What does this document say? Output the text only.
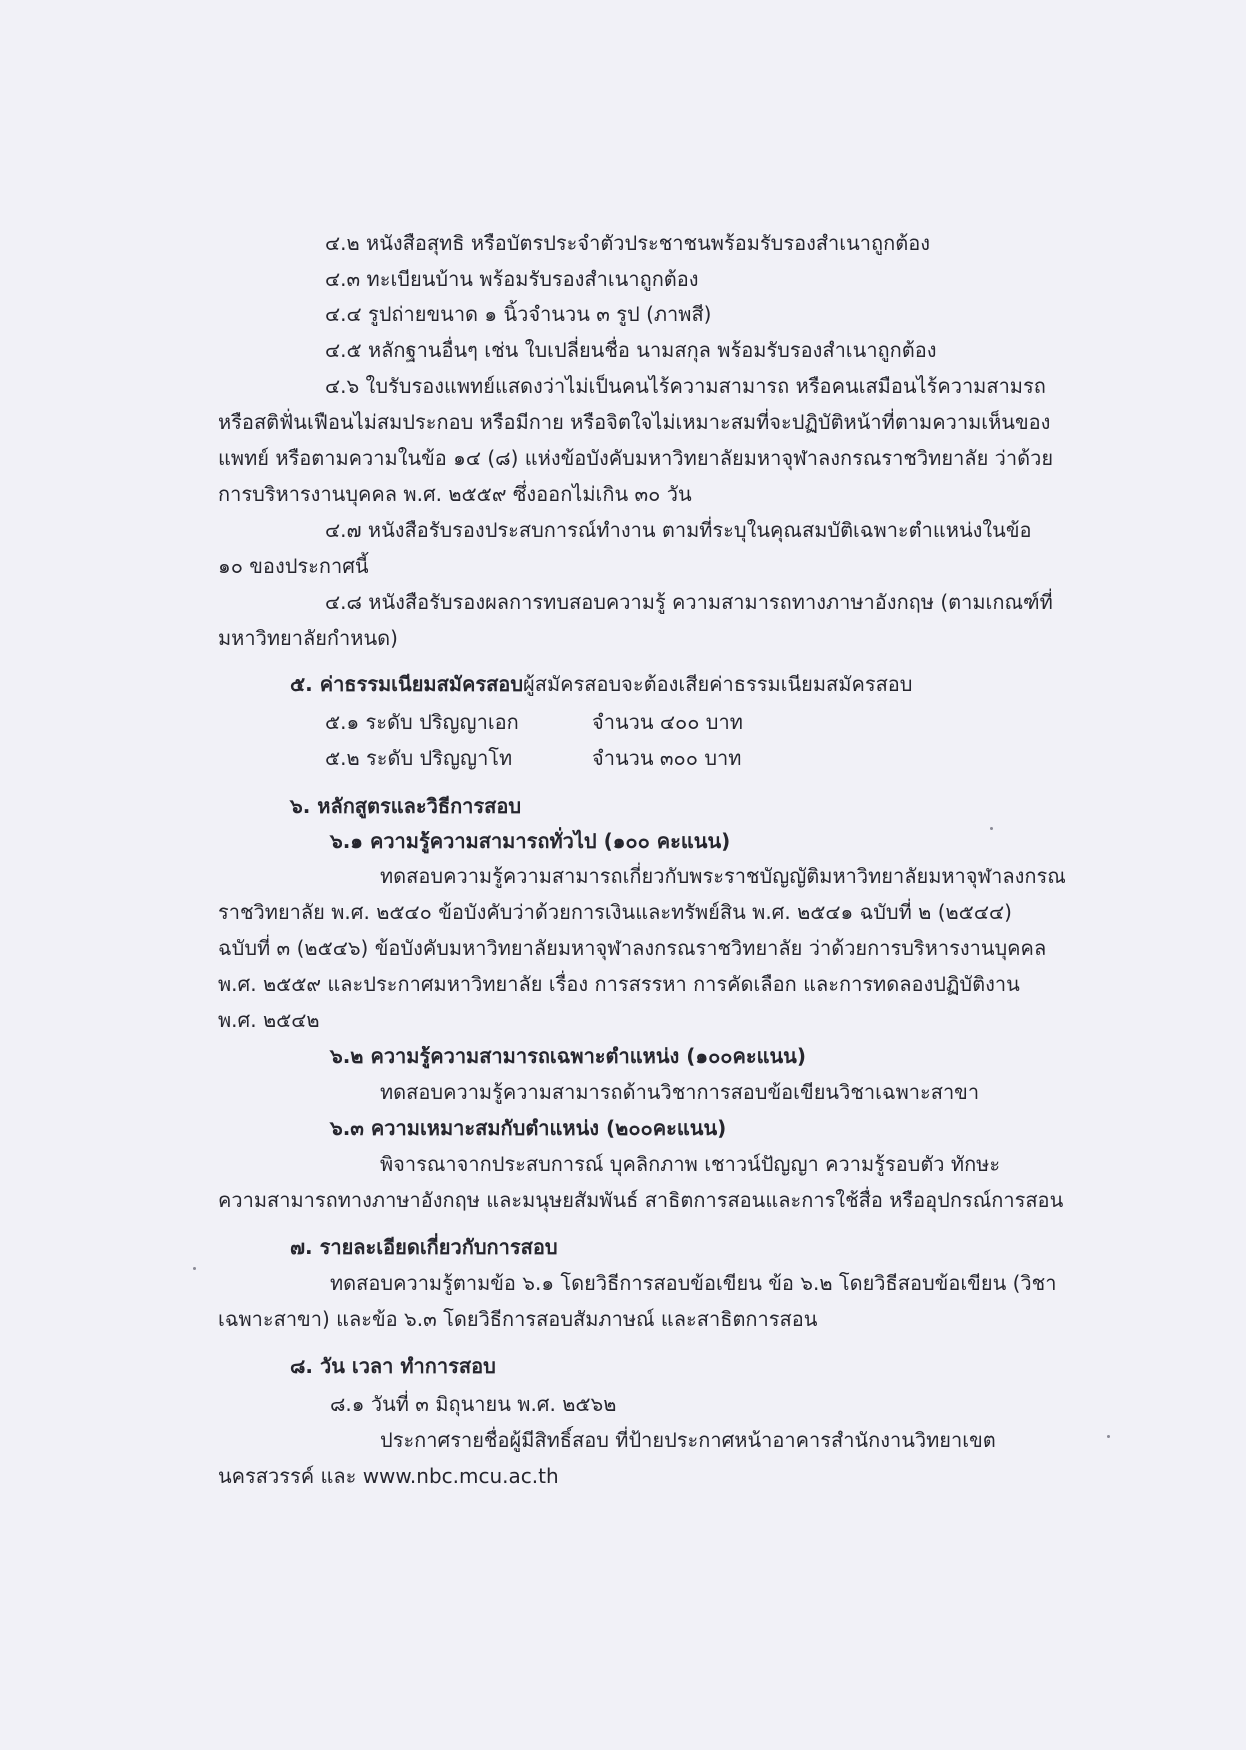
๔.๒ หนังสือสุทธิ หรือบัตรประจำตัวประชาชนพร้อมรับรองสำเนาถูกต้อง
๔.๓ ทะเบียนบ้าน พร้อมรับรองสำเนาถูกต้อง
๔.๔ รูปถ่ายขนาด ๑ นิ้วจำนวน ๓ รูป (ภาพสี)
๔.๕ หลักฐานอื่นๆ เช่น ใบเปลี่ยนชื่อ นามสกุล พร้อมรับรองสำเนาถูกต้อง
๔.๖ ใบรับรองแพทย์แสดงว่าไม่เป็นคนไร้ความสามารถ หรือคนเสมือนไร้ความสามรถ
หรือสติฟั่นเฟือนไม่สมประกอบ หรือมีกาย หรือจิตใจไม่เหมาะสมที่จะปฏิบัติหน้าที่ตามความเห็นของ
แพทย์ หรือตามความในข้อ ๑๔ (๘) แห่งข้อบังคับมหาวิทยาลัยมหาจุฬาลงกรณราชวิทยาลัย ว่าด้วย
การบริหารงานบุคคล พ.ศ. ๒๕๕๙ ซึ่งออกไม่เกิน ๓๐ วัน
๔.๗ หนังสือรับรองประสบการณ์ทำงาน ตามที่ระบุในคุณสมบัติเฉพาะตำแหน่งในข้อ
๑๐ ของประกาศนี้
๔.๘ หนังสือรับรองผลการทบสอบความรู้ ความสามารถทางภาษาอังกฤษ (ตามเกณฑ์ที่
มหาวิทยาลัยกำหนด)
๕. ค่าธรรมเนียมสมัครสอบผู้สมัครสอบจะต้องเสียค่าธรรมเนียมสมัครสอบ
๕.๑ ระดับ ปริญญาเอก	จำนวน ๔๐๐ บาท
๕.๒ ระดับ ปริญญาโท	จำนวน ๓๐๐ บาท
๖. หลักสูตรและวิธีการสอบ
๖.๑ ความรู้ความสามารถทั่วไป (๑๐๐ คะแนน)
ทดสอบความรู้ความสามารถเกี่ยวกับพระราชบัญญัติมหาวิทยาลัยมหาจุฬาลงกรณ
ราชวิทยาลัย พ.ศ. ๒๕๔๐ ข้อบังคับว่าด้วยการเงินและทรัพย์สิน พ.ศ. ๒๕๔๑ ฉบับที่ ๒ (๒๕๔๔)
ฉบับที่ ๓ (๒๕๔๖) ข้อบังคับมหาวิทยาลัยมหาจุฬาลงกรณราชวิทยาลัย ว่าด้วยการบริหารงานบุคคล
พ.ศ. ๒๕๕๙ และประกาศมหาวิทยาลัย เรื่อง การสรรหา การคัดเลือก และการทดลองปฏิบัติงาน
พ.ศ. ๒๕๔๒
๖.๒ ความรู้ความสามารถเฉพาะตำแหน่ง (๑๐๐คะแนน)
ทดสอบความรู้ความสามารถด้านวิชาการสอบข้อเขียนวิชาเฉพาะสาขา
๖.๓ ความเหมาะสมกับตำแหน่ง (๒๐๐คะแนน)
พิจารณาจากประสบการณ์ บุคลิกภาพ เชาวน์ปัญญา ความรู้รอบตัว ทักษะ
ความสามารถทางภาษาอังกฤษ และมนุษยสัมพันธ์ สาธิตการสอนและการใช้สื่อ หรืออุปกรณ์การสอน
๗. รายละเอียดเกี่ยวกับการสอบ
ทดสอบความรู้ตามข้อ ๖.๑ โดยวิธีการสอบข้อเขียน ข้อ ๖.๒ โดยวิธีสอบข้อเขียน (วิชา
เฉพาะสาขา) และข้อ ๖.๓ โดยวิธีการสอบสัมภาษณ์ และสาธิตการสอน
๘. วัน เวลา ทำการสอบ
๘.๑ วันที่ ๓ มิถุนายน พ.ศ. ๒๕๖๒
ประกาศรายชื่อผู้มีสิทธิ์สอบ ที่ป้ายประกาศหน้าอาคารสำนักงานวิทยาเขต
นครสวรรค์ และ www.nbc.mcu.ac.th
